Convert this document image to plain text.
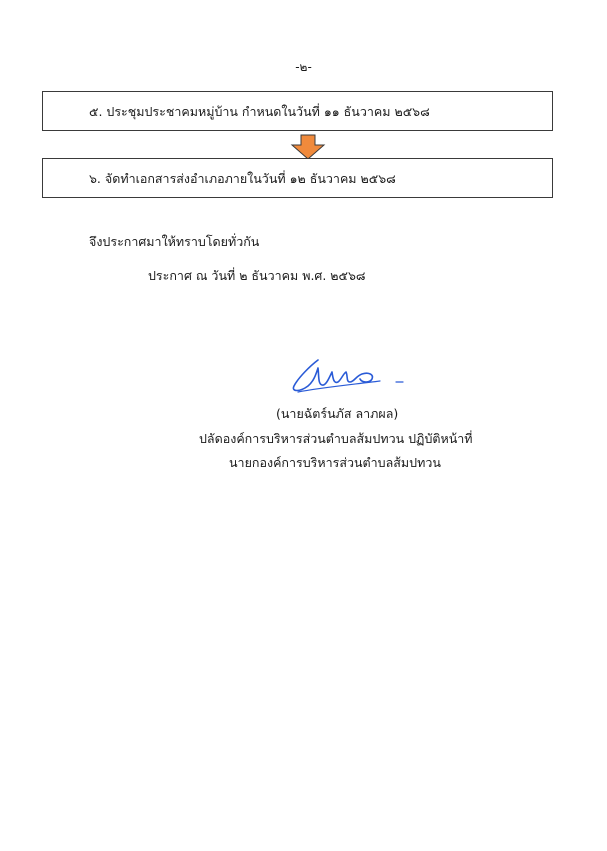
-๒-
๕. ประชุมประชาคมหมู่บ้าน กำหนดในวันที่ ๑๑ ธันวาคม ๒๕๖๘
๖. จัดทำเอกสารส่งอำเภอภายในวันที่ ๑๒ ธันวาคม ๒๕๖๘
จึงประกาศมาให้ทราบโดยทั่วกัน
ประกาศ ณ วันที่ ๒ ธันวาคม พ.ศ. ๒๕๖๘
(นายฉัตร์นภัส ลาภผล)
ปลัดองค์การบริหารส่วนตำบลส้มปทวน ปฏิบัติหน้าที่
นายกองค์การบริหารส่วนตำบลส้มปทวน
